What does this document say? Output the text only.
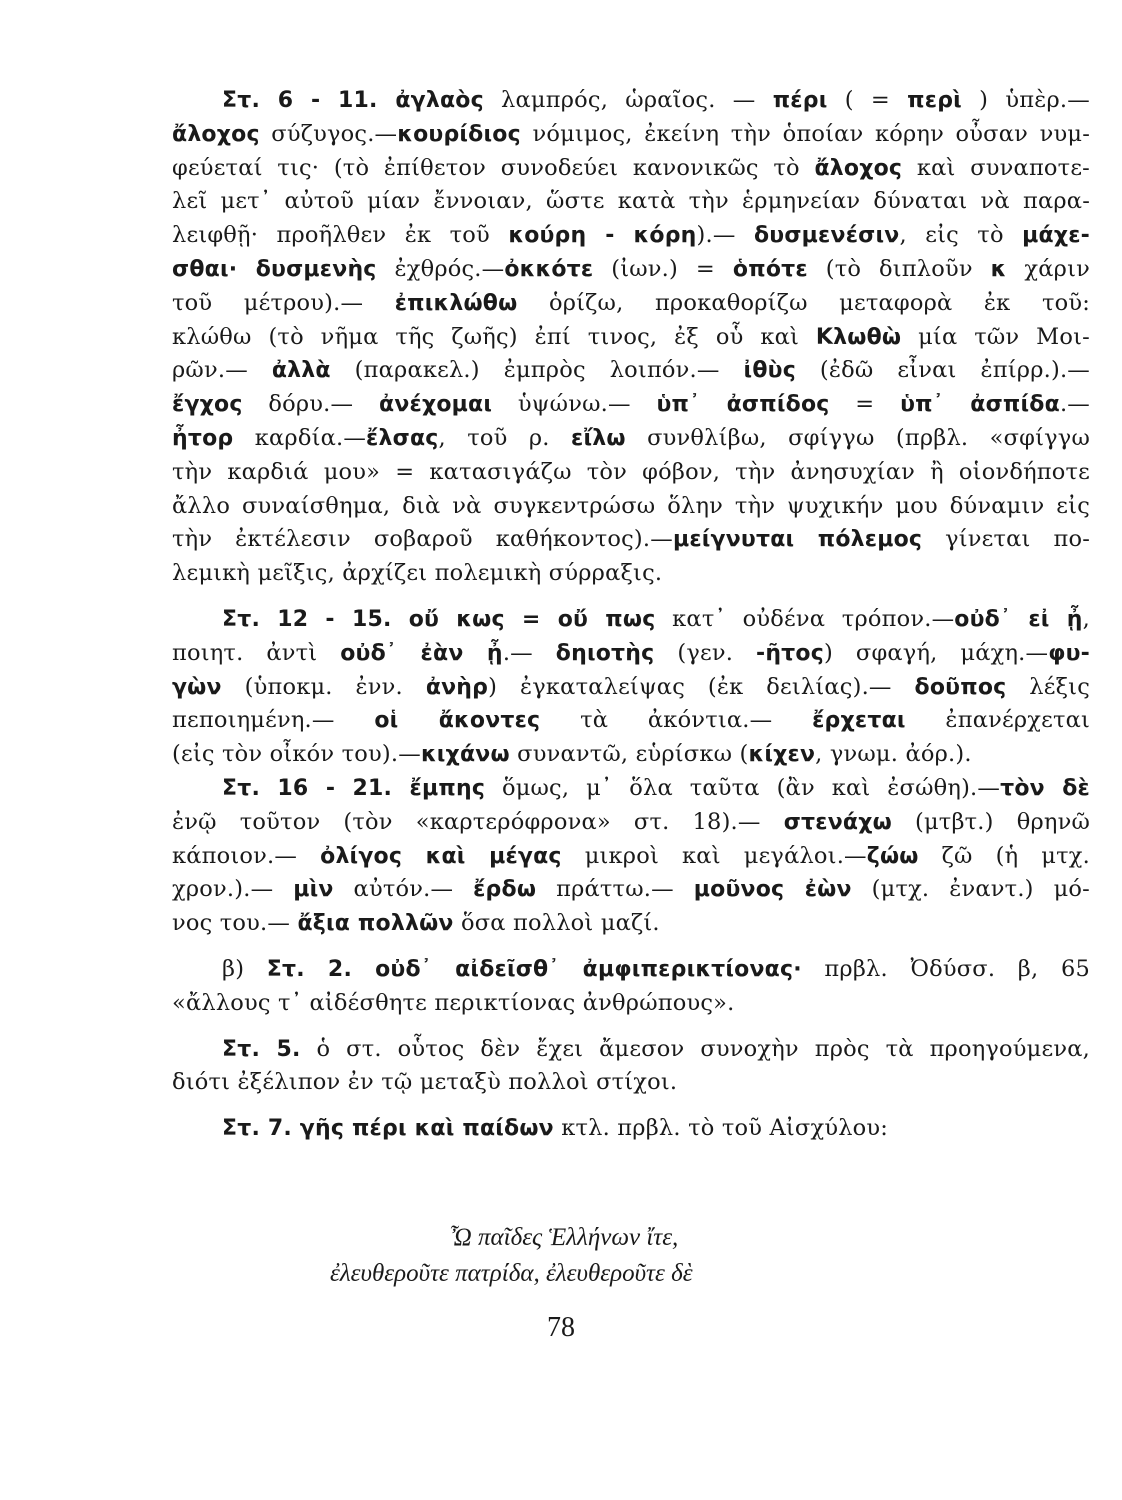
Στ. 6 - 11. ἀγλαὸς λαμπρός, ὡραῖος. — πέρι ( = περὶ ) ὑπὲρ.—
ἄλοχος σύζυγος.—κουρίδιος νόμιμος, ἐκείνη τὴν ὁποίαν κόρην οὖσαν νυμ-
φεύεταί τις· (τὸ ἐπίθετον συνοδεύει κανονικῶς τὸ ἄλοχος καὶ συναποτε-
λεῖ μετ᾽ αὐτοῦ μίαν ἔννοιαν, ὥστε κατὰ τὴν ἑρμηνείαν δύναται νὰ παρα-
λειφθῇ· προῆλθεν ἐκ τοῦ κούρη - κόρη).— δυσμενέσιν, εἰς τὸ μάχε-
σθαι· δυσμενὴς ἐχθρός.—ὀκκότε (ἰων.) = ὁπότε (τὸ διπλοῦν κ χάριν
τοῦ μέτρου).— ἐπικλώθω ὁρίζω, προκαθορίζω μεταφορὰ ἐκ τοῦ:
κλώθω (τὸ νῆμα τῆς ζωῆς) ἐπί τινος, ἐξ οὗ καὶ Κλωθὼ μία τῶν Μοι-
ρῶν.— ἀλλὰ (παρακελ.) ἐμπρὸς λοιπόν.— ἰθὺς (ἐδῶ εἶναι ἐπίρρ.).—
ἔγχος δόρυ.— ἀνέχομαι ὑψώνω.— ὑπ᾽ ἀσπίδος = ὑπ᾽ ἀσπίδα.—
ἦτορ καρδία.—ἔλσας, τοῦ ρ. εἴλω συνθλίβω, σφίγγω (πρβλ. «σφίγγω
τὴν καρδιά μου» = κατασιγάζω τὸν φόβον, τὴν ἀνησυχίαν ἢ οἱονδήποτε
ἄλλο συναίσθημα, διὰ νὰ συγκεντρώσω ὅλην τὴν ψυχικήν μου δύναμιν εἰς
τὴν ἐκτέλεσιν σοβαροῦ καθήκοντος).—μείγνυται πόλεμος γίνεται πο-
λεμικὴ μεῖξις, ἀρχίζει πολεμικὴ σύρραξις.
Στ. 12 - 15. οὔ κως = οὔ πως κατ᾽ οὐδένα τρόπον.—οὐδ᾽ εἰ ᾖ,
ποιητ. ἀντὶ οὐδ᾽ ἐὰν ᾖ.— δηιοτὴς (γεν. -ῆτος) σφαγή, μάχη.—φυ-
γὼν (ὑποκμ. ἐνν. ἀνὴρ) ἐγκαταλείψας (ἐκ δειλίας).— δοῦπος λέξις
πεποιημένη.— οἱ ἄκοντες τὰ ἀκόντια.— ἔρχεται ἐπανέρχεται
(εἰς τὸν οἶκόν του).—κιχάνω συναντῶ, εὑρίσκω (κίχεν, γνωμ. ἀόρ.).
Στ. 16 - 21. ἔμπης ὅμως, μ᾽ ὅλα ταῦτα (ἂν καὶ ἐσώθη).—τὸν δὲ
ἐνῷ τοῦτον (τὸν «καρτερόφρονα» στ. 18).— στενάχω (μτβτ.) θρηνῶ
κάποιον.— ὀλίγος καὶ μέγας μικροὶ καὶ μεγάλοι.—ζώω ζῶ (ἡ μτχ.
χρον.).— μὶν αὐτόν.— ἔρδω πράττω.— μοῦνος ἐὼν (μτχ. ἐναντ.) μό-
νος του.— ἄξια πολλῶν ὅσα πολλοὶ μαζί.
β) Στ. 2. οὐδ᾽ αἰδεῖσθ᾽ ἀμφιπερικτίονας· πρβλ. Ὀδύσσ. β, 65
«ἄλλους τ᾽ αἰδέσθητε περικτίονας ἀνθρώπους».
Στ. 5. ὁ στ. οὗτος δὲν ἔχει ἄμεσον συνοχὴν πρὸς τὰ προηγούμενα,
διότι ἐξέλιπον ἐν τῷ μεταξὺ πολλοὶ στίχοι.
Στ. 7. γῆς πέρι καὶ παίδων κτλ. πρβλ. τὸ τοῦ Αἰσχύλου:
Ὦ παῖδες Ἑλλήνων ἴτε,
ἐλευθεροῦτε πατρίδα, ἐλευθεροῦτε δὲ
78
